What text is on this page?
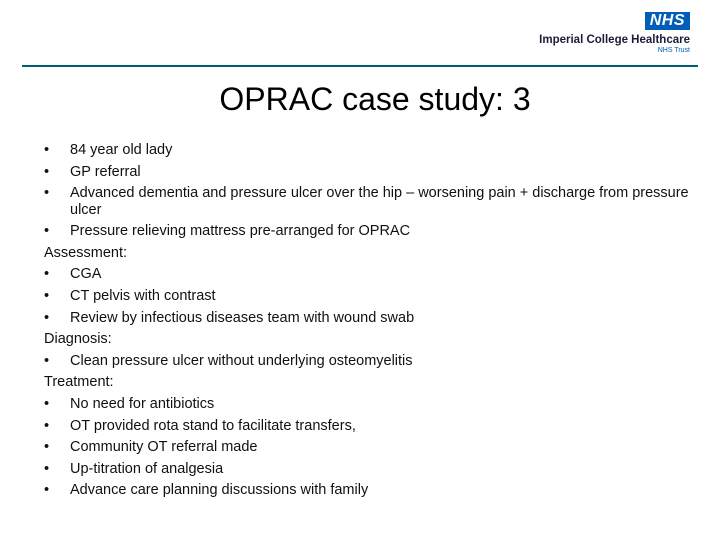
NHS
Imperial College Healthcare
NHS Trust
OPRAC case study: 3
• 84 year old lady
• GP referral
• Advanced dementia and pressure ulcer over the hip – worsening pain + discharge from pressure ulcer
• Pressure relieving mattress pre-arranged for OPRAC
Assessment:
• CGA
• CT pelvis with contrast
• Review by infectious diseases team with wound swab
Diagnosis:
• Clean pressure ulcer without underlying osteomyelitis
Treatment:
• No need for antibiotics
• OT provided rota stand to facilitate transfers,
• Community OT referral made
• Up-titration of analgesia
• Advance care planning discussions with family
